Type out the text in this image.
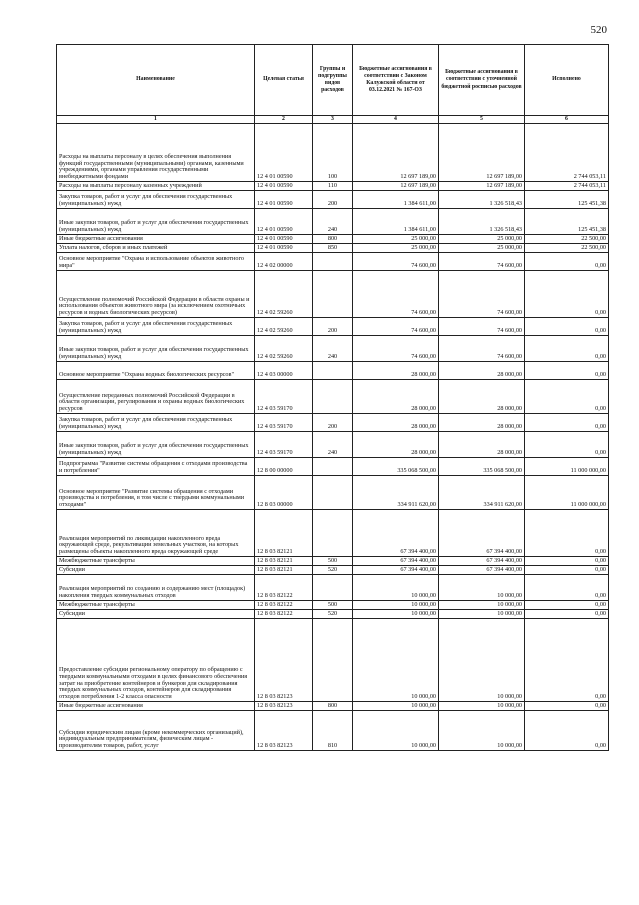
520
Наименование	Целевая статья	Группы и подгруппы видов расходов	Бюджетные ассигнования в соответствии с Законом Калужской области от 03.12.2021 № 167-ОЗ	Бюджетные ассигнования в соответствии с уточненной бюджетной росписью расходов	Исполнено
1	2	3	4	5	6
Расходы на выплаты персоналу в целях обеспечения выполнения функций государственными (муниципальными) органами, казенными учреждениями, органами управления государственными внебюджетными фондами	12 4 01 00590	100	12 697 189,00	12 697 189,00	2 744 053,11
Расходы на выплаты персоналу казенных учреждений	12 4 01 00590	110	12 697 189,00	12 697 189,00	2 744 053,11
Закупка товаров, работ и услуг для обеспечения государственных (муниципальных) нужд	12 4 01 00590	200	1 384 611,00	1 326 518,43	125 451,38
Иные закупки товаров, работ и услуг для обеспечения государственных (муниципальных) нужд	12 4 01 00590	240	1 384 611,00	1 326 518,43	125 451,38
Иные бюджетные ассигнования	12 4 01 00590	800	25 000,00	25 000,00	22 500,00
Уплата налогов, сборов и иных платежей	12 4 01 00590	850	25 000,00	25 000,00	22 500,00
Основное мероприятие "Охрана и использование объектов животного мира"	12 4 02 00000		74 600,00	74 600,00	0,00
Осуществление полномочий Российской Федерации в области охраны и использования объектов животного мира (за исключением охотничьих ресурсов и водных биологических ресурсов)	12 4 02 59260		74 600,00	74 600,00	0,00
Закупка товаров, работ и услуг для обеспечения государственных (муниципальных) нужд	12 4 02 59260	200	74 600,00	74 600,00	0,00
Иные закупки товаров, работ и услуг для обеспечения государственных (муниципальных) нужд	12 4 02 59260	240	74 600,00	74 600,00	0,00
Основное мероприятие "Охрана водных биологических ресурсов"	12 4 03 00000		28 000,00	28 000,00	0,00
Осуществление переданных полномочий Российской Федерации в области организации, регулирования и охраны водных биологических ресурсов	12 4 03 59170		28 000,00	28 000,00	0,00
Закупка товаров, работ и услуг для обеспечения государственных (муниципальных) нужд	12 4 03 59170	200	28 000,00	28 000,00	0,00
Иные закупки товаров, работ и услуг для обеспечения государственных (муниципальных) нужд	12 4 03 59170	240	28 000,00	28 000,00	0,00
Подпрограмма "Развитие системы обращения с отходами производства и потребления"	12 8 00 00000		335 068 500,00	335 068 500,00	11 000 000,00
Основное мероприятие "Развитие системы обращения с отходами производства и потребления, в том числе с твердыми коммунальными отходами"	12 8 03 00000		334 911 620,00	334 911 620,00	11 000 000,00
Реализация мероприятий по ликвидации накопленного вреда окружающей среде, рекультивации земельных участков, на которых размещены объекты накопленного вреда окружающей среде	12 8 03 82121		67 394 400,00	67 394 400,00	0,00
Межбюджетные трансферты	12 8 03 82121	500	67 394 400,00	67 394 400,00	0,00
Субсидии	12 8 03 82121	520	67 394 400,00	67 394 400,00	0,00
Реализация мероприятий по созданию и содержанию мест (площадок) накопления твердых коммунальных отходов	12 8 03 82122		10 000,00	10 000,00	0,00
Межбюджетные трансферты	12 8 03 82122	500	10 000,00	10 000,00	0,00
Субсидии	12 8 03 82122	520	10 000,00	10 000,00	0,00
Предоставление субсидии региональному оператору по обращению с твердыми коммунальными отходами в целях финансового обеспечения затрат на приобретение контейнеров и бункеров для складирования твердых коммунальных отходов, контейнеров для складирования отходов потребления 1-2 класса опасности	12 8 03 82123		10 000,00	10 000,00	0,00
Иные бюджетные ассигнования	12 8 03 82123	800	10 000,00	10 000,00	0,00
Субсидии юридическим лицам (кроме некоммерческих организаций), индивидуальным предпринимателям, физическим лицам - производителям товаров, работ, услуг	12 8 03 82123	810	10 000,00	10 000,00	0,00
